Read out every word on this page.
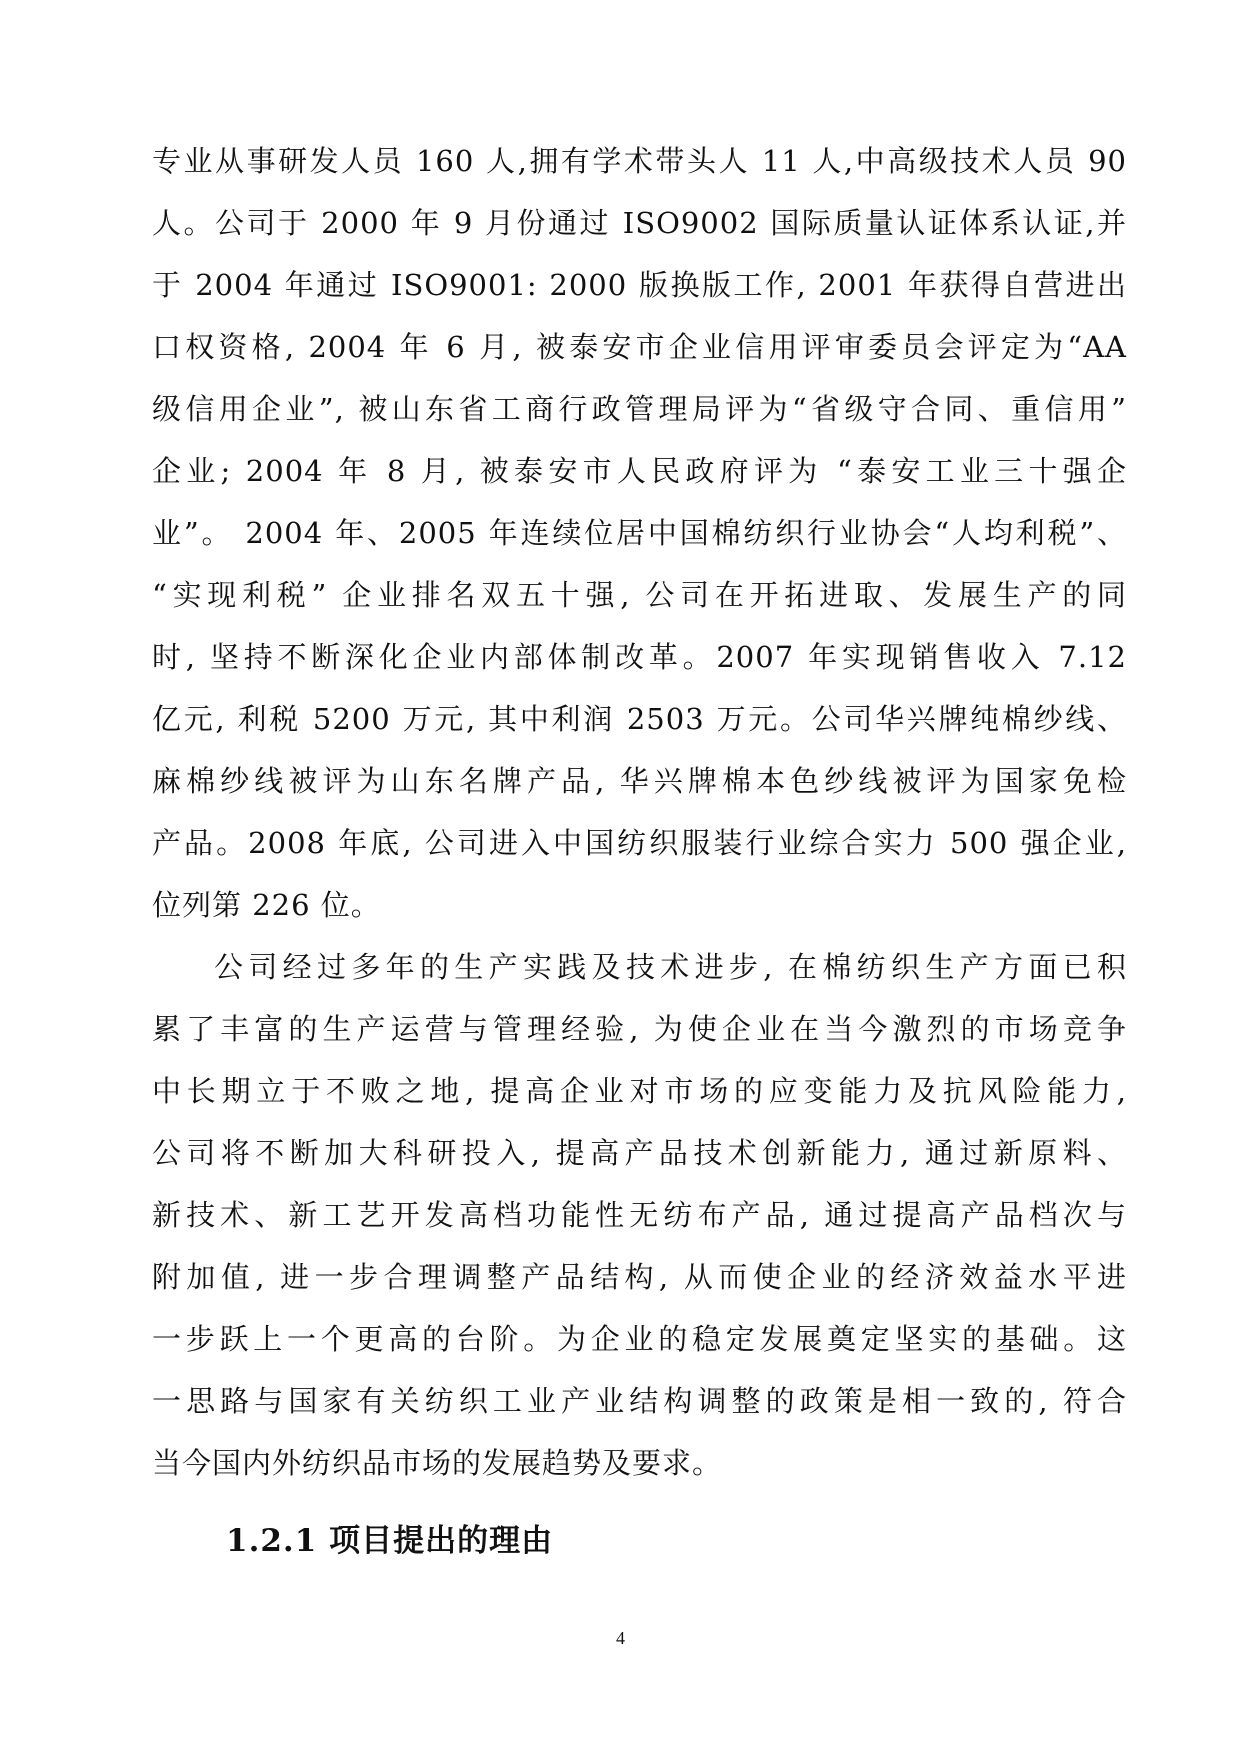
专业从事研发人员 160 人,拥有学术带头人 11 人,中高级技术人员 90
人。公司于 2000 年 9 月份通过 ISO9002 国际质量认证体系认证,并
于 2004 年通过 ISO9001: 2000 版换版工作, 2001 年获得自营进出
口权资格, 2004 年 6 月, 被泰安市企业信用评审委员会评定为“AA
级信用企业”, 被山东省工商行政管理局评为“省级守合同、重信用”
企业; 2004 年 8 月, 被泰安市人民政府评为 “泰安工业三十强企
业”。 2004 年、2005 年连续位居中国棉纺织行业协会“人均利税”、
“实现利税” 企业排名双五十强, 公司在开拓进取、发展生产的同
时, 坚持不断深化企业内部体制改革。2007 年实现销售收入 7.12
亿元, 利税 5200 万元, 其中利润 2503 万元。公司华兴牌纯棉纱线、
麻棉纱线被评为山东名牌产品, 华兴牌棉本色纱线被评为国家免检
产品。2008 年底, 公司进入中国纺织服装行业综合实力 500 强企业,
位列第 226 位。
公司经过多年的生产实践及技术进步, 在棉纺织生产方面已积
累了丰富的生产运营与管理经验, 为使企业在当今激烈的市场竞争
中长期立于不败之地, 提高企业对市场的应变能力及抗风险能力,
公司将不断加大科研投入, 提高产品技术创新能力, 通过新原料、
新技术、新工艺开发高档功能性无纺布产品, 通过提高产品档次与
附加值, 进一步合理调整产品结构, 从而使企业的经济效益水平进
一步跃上一个更高的台阶。为企业的稳定发展奠定坚实的基础。这
一思路与国家有关纺织工业产业结构调整的政策是相一致的, 符合
当今国内外纺织品市场的发展趋势及要求。
1.2.1 项目提出的理由
4
